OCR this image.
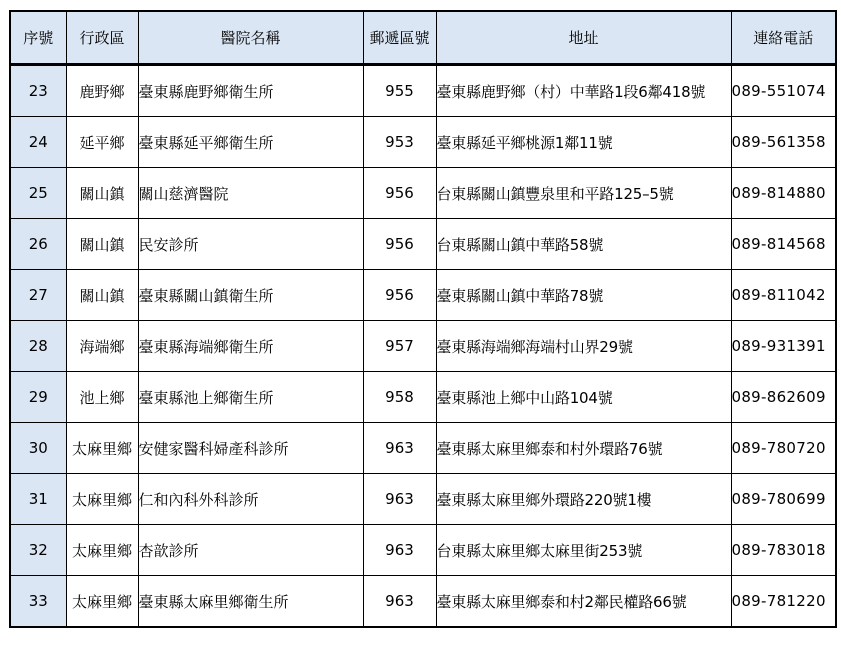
序號	行政區	醫院名稱	郵遞區號	地址	連絡電話
23	鹿野鄉	臺東縣鹿野鄉衛生所	955	臺東縣鹿野鄉（村）中華路1段6鄰418號	089-551074
24	延平鄉	臺東縣延平鄉衛生所	953	臺東縣延平鄉桃源1鄰11號	089-561358
25	關山鎮	關山慈濟醫院	956	台東縣關山鎮豐泉里和平路125–5號	089-814880
26	關山鎮	民安診所	956	台東縣關山鎮中華路58號	089-814568
27	關山鎮	臺東縣關山鎮衛生所	956	臺東縣關山鎮中華路78號	089-811042
28	海端鄉	臺東縣海端鄉衛生所	957	臺東縣海端鄉海端村山界29號	089-931391
29	池上鄉	臺東縣池上鄉衛生所	958	臺東縣池上鄉中山路104號	089-862609
30	太麻里鄉	安健家醫科婦產科診所	963	臺東縣太麻里鄉泰和村外環路76號	089-780720
31	太麻里鄉	仁和內科外科診所	963	臺東縣太麻里鄉外環路220號1樓	089-780699
32	太麻里鄉	杏歆診所	963	台東縣太麻里鄉太麻里街253號	089-783018
33	太麻里鄉	臺東縣太麻里鄉衛生所	963	臺東縣太麻里鄉泰和村2鄰民權路66號	089-781220
